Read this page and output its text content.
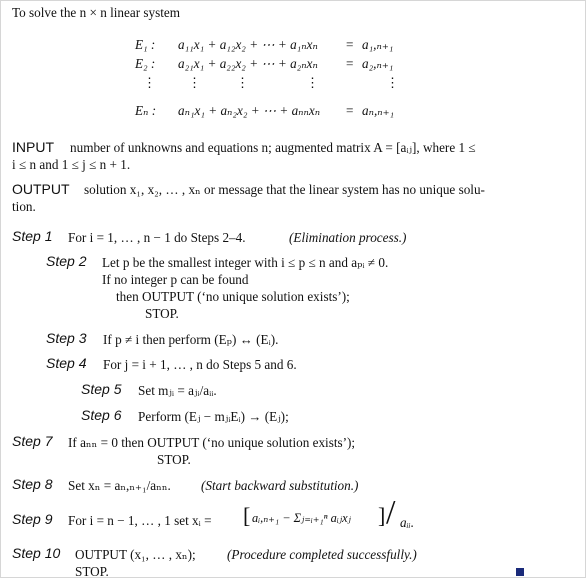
To solve the n × n linear system
E₁ : a₁₁x₁ + a₁₂x₂ + ⋯ + a₁ₙxₙ = a₁,ₙ₊₁
E₂ : a₂₁x₁ + a₂₂x₂ + ⋯ + a₂ₙxₙ = a₂,ₙ₊₁
⋮ ⋮	⋮	⋮	⋮
Eₙ : aₙ₁x₁ + aₙ₂x₂ + ⋯ + aₙₙxₙ = aₙ,ₙ₊₁
INPUT number of unknowns and equations n; augmented matrix A = [aᵢⱼ], where 1 ≤
i ≤ n and 1 ≤ j ≤ n + 1.
OUTPUT solution x₁, x₂, … , xₙ or message that the linear system has no unique solu-
tion.
Step 1 For i = 1, … , n − 1 do Steps 2–4.	(Elimination process.)
Step 2 Let p be the smallest integer with i ≤ p ≤ n and aₚᵢ ≠ 0.
If no integer p can be found
then OUTPUT (‘no unique solution exists’);
STOP.
Step 3 If p ≠ i then perform (Eₚ) ↔ (Eᵢ).
Step 4 For j = i + 1, … , n do Steps 5 and 6.
Step 5 Set mⱼᵢ = aⱼᵢ/aᵢᵢ.
Step 6 Perform (Eⱼ − mⱼᵢEᵢ) → (Eⱼ);
Step 7 If aₙₙ = 0 then OUTPUT (‘no unique solution exists’);
STOP.
Step 8 Set xₙ = aₙ,ₙ₊₁/aₙₙ. (Start backward substitution.)
Step 9 For i = n − 1, … , 1 set xᵢ = [ aᵢ,ₙ₊₁ − Σⱼ₌ᵢ₊₁ⁿ aᵢⱼxⱼ ] / aᵢᵢ.
Step 10 OUTPUT (x₁, … , xₙ); (Procedure completed successfully.)
STOP.
